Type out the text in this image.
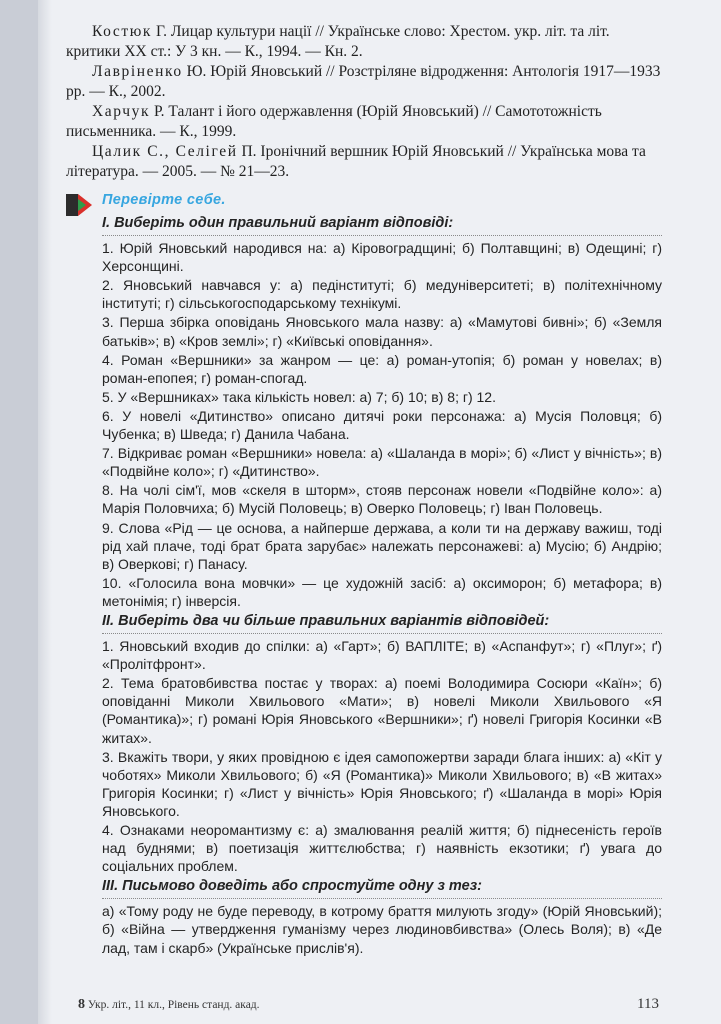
Костюк Г. Лицар культури нації // Українське слово: Хрестом. укр. літ. та літ. критики XX ст.: У 3 кн. — К., 1994. — Кн. 2.

Лавріненко Ю. Юрій Яновський // Розстріляне відродження: Антологія 1917—1933 рр. — К., 2002.

Харчук Р. Талант і його одержавлення (Юрій Яновський) // Самототожність письменника. — К., 1999.

Цалик С., Селігей П. Іронічний вершник Юрій Яновський // Українська мова та література. — 2005. — № 21—23.

Перевірте себе.
I. Виберіть один правильний варіант відповіді:
1. Юрій Яновський народився на: а) Кіровоградщині; б) Полтавщині; в) Одещині; г) Херсонщині.
2. Яновський навчався у: а) педінституті; б) медуніверситеті; в) політехнічному інституті; г) сільськогосподарському технікумі.
3. Перша збірка оповідань Яновського мала назву: а) «Мамутові бивні»; б) «Земля батьків»; в) «Кров землі»; г) «Київські оповідання».
4. Роман «Вершники» за жанром — це: а) роман-утопія; б) роман у новелах; в) роман-епопея; г) роман-спогад.
5. У «Вершниках» така кількість новел: а) 7; б) 10; в) 8; г) 12.
6. У новелі «Дитинство» описано дитячі роки персонажа: а) Мусія Половця; б) Чубенка; в) Шведа; г) Данила Чабана.
7. Відкриває роман «Вершники» новела: а) «Шаланда в морі»; б) «Лист у вічність»; в) «Подвійне коло»; г) «Дитинство».
8. На чолі сім'ї, мов «скеля в шторм», стояв персонаж новели «Подвійне коло»: а) Марія Половчиха; б) Мусій Половець; в) Оверко Половець; г) Іван Половець.
9. Слова «Рід — це основа, а найперше держава, а коли ти на державу важиш, тоді рід хай плаче, тоді брат брата зарубає» належать персонажеві: а) Мусію; б) Андрію; в) Оверкові; г) Панасу.
10. «Голосила вона мовчки» — це художній засіб: а) оксиморон; б) метафора; в) метонімія; г) інверсія.
II. Виберіть два чи більше правильних варіантів відповідей:
1. Яновський входив до спілки: а) «Гарт»; б) ВАПЛІТЕ; в) «Аспанфут»; г) «Плуг»; ґ) «Пролітфронт».
2. Тема братовбивства постає у творах: а) поемі Володимира Сосюри «Каїн»; б) оповіданні Миколи Хвильового «Мати»; в) новелі Миколи Хвильового «Я (Романтика)»; г) романі Юрія Яновського «Вершники»; ґ) новелі Григорія Косинки «В житах».
3. Вкажіть твори, у яких провідною є ідея самопожертви заради блага інших: а) «Кіт у чоботях» Миколи Хвильового; б) «Я (Романтика)» Миколи Хвильового; в) «В житах» Григорія Косинки; г) «Лист у вічність» Юрія Яновського; ґ) «Шаланда в морі» Юрія Яновського.
4. Ознаками неоромантизму є: а) змалювання реалій життя; б) піднесеність героїв над буднями; в) поетизація життєлюбства; г) наявність екзотики; ґ) увага до соціальних проблем.
III. Письмово доведіть або спростуйте одну з тез:
а) «Тому роду не буде переводу, в котрому браття милують згоду» (Юрій Яновський); б) «Війна — утвердження гуманізму через людиновбивства» (Олесь Воля); в) «Де лад, там і скарб» (Українське прислів'я).
8 Укр. літ., 11 кл., Рівень станд. акад.	113
